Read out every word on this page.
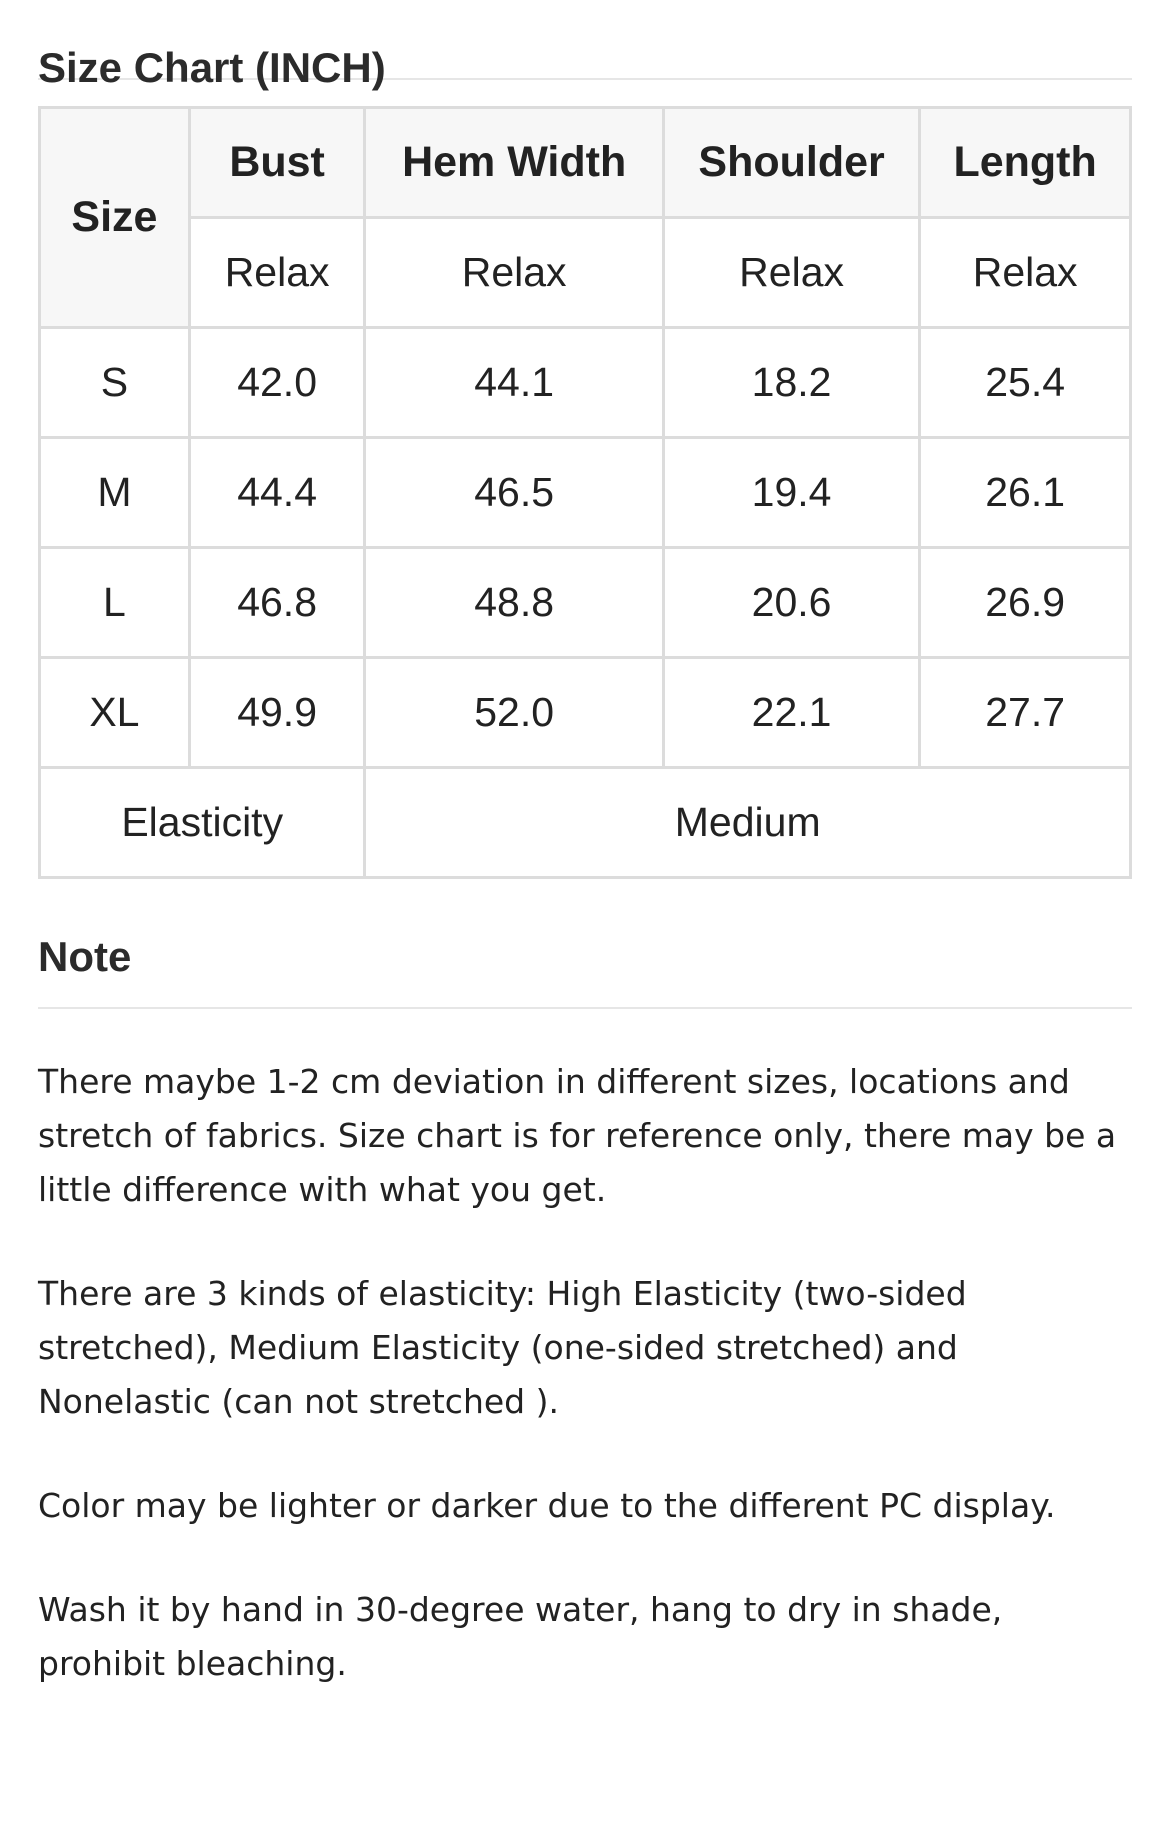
Size Chart (INCH)
Size	Bust	Hem Width	Shoulder	Length
	Relax	Relax	Relax	Relax
S	42.0	44.1	18.2	25.4
M	44.4	46.5	19.4	26.1
L	46.8	48.8	20.6	26.9
XL	49.9	52.0	22.1	27.7
Elasticity		Medium		
Note

There maybe 1-2 cm deviation in different sizes, locations and stretch of fabrics. Size chart is for reference only, there may be a little difference with what you get.

There are 3 kinds of elasticity: High Elasticity (two-sided stretched), Medium Elasticity (one-sided stretched) and Nonelastic (can not stretched ).

Color may be lighter or darker due to the different PC display.

Wash it by hand in 30-degree water, hang to dry in shade, prohibit bleaching.
